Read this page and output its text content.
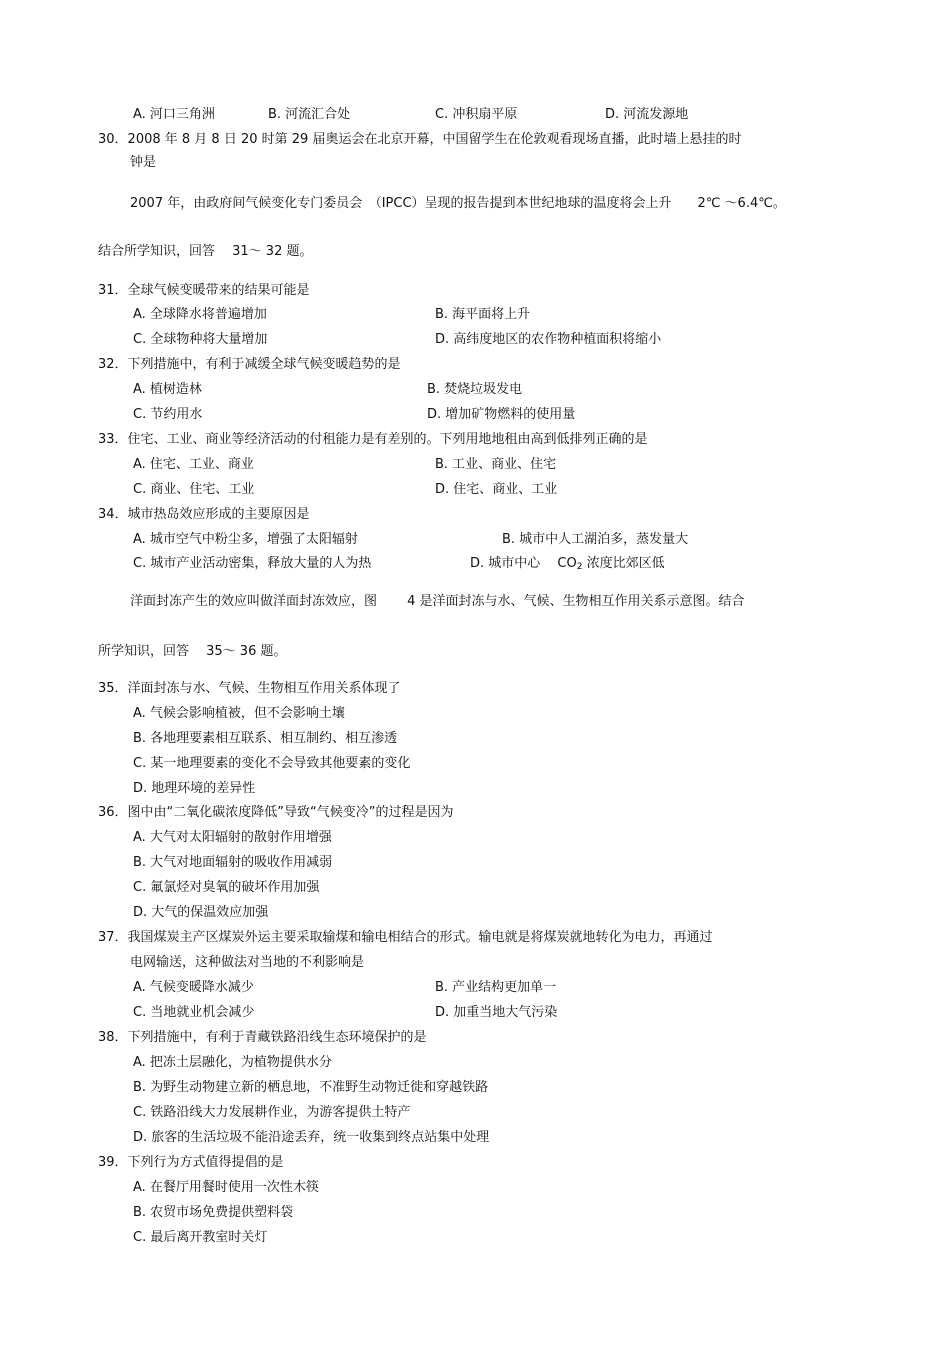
A. 河口三角洲	B. 河流汇合处	C. 冲积扇平原	D. 河流发源地
30．2008 年 8 月 8 日 20 时第 29 届奥运会在北京开幕，中国留学生在伦敦观看现场直播，此时墙上悬挂的时
钟是
2007 年，由政府间气候变化专门委员会　（IPCC）呈现的报告提到本世纪地球的温度将会上升　　2℃ ～6.4℃。
结合所学知识，回答　 31～ 32 题。
31．全球气候变暖带来的结果可能是
A. 全球降水将普遍增加	B. 海平面将上升
C. 全球物种将大量增加	D. 高纬度地区的农作物种植面积将缩小
32．下列措施中，有利于减缓全球气候变暖趋势的是
A. 植树造林	B. 焚烧垃圾发电
C. 节约用水	D. 增加矿物燃料的使用量
33．住宅、工业、商业等经济活动的付租能力是有差别的。下列用地地租由高到低排列正确的是
A. 住宅、工业、商业	B. 工业、商业、住宅
C. 商业、住宅、工业	D. 住宅、商业、工业
34．城市热岛效应形成的主要原因是
A. 城市空气中粉尘多，增强了太阳辐射	B. 城市中人工湖泊多，蒸发量大
C. 城市产业活动密集，释放大量的人为热	D. 城市中心　 $CO_2$ 浓度比郊区低
洋面封冻产生的效应叫做洋面封冻效应，图　　 4 是洋面封冻与水、气候、生物相互作用关系示意图。结合
所学知识，回答　 35～ 36 题。
35．洋面封冻与水、气候、生物相互作用关系体现了
A. 气候会影响植被，但不会影响土壤
B. 各地理要素相互联系、相互制约、相互渗透
C. 某一地理要素的变化不会导致其他要素的变化
D. 地理环境的差异性
36．图中由“二氧化碳浓度降低”导致“气候变冷”的过程是因为
A. 大气对太阳辐射的散射作用增强
B. 大气对地面辐射的吸收作用减弱
C. 氟氯烃对臭氧的破坏作用加强
D. 大气的保温效应加强
37．我国煤炭主产区煤炭外运主要采取输煤和输电相结合的形式。输电就是将煤炭就地转化为电力，再通过
电网输送，这种做法对当地的不利影响是
A. 气候变暖降水减少	B. 产业结构更加单一
C. 当地就业机会减少	D. 加重当地大气污染
38．下列措施中，有利于青藏铁路沿线生态环境保护的是
A. 把冻土层融化，为植物提供水分
B. 为野生动物建立新的栖息地，不准野生动物迁徙和穿越铁路
C. 铁路沿线大力发展耕作业，为游客提供土特产
D. 旅客的生活垃圾不能沿途丢弃，统一收集到终点站集中处理
39．下列行为方式值得提倡的是
A. 在餐厅用餐时使用一次性木筷
B. 农贸市场免费提供塑料袋
C. 最后离开教室时关灯
